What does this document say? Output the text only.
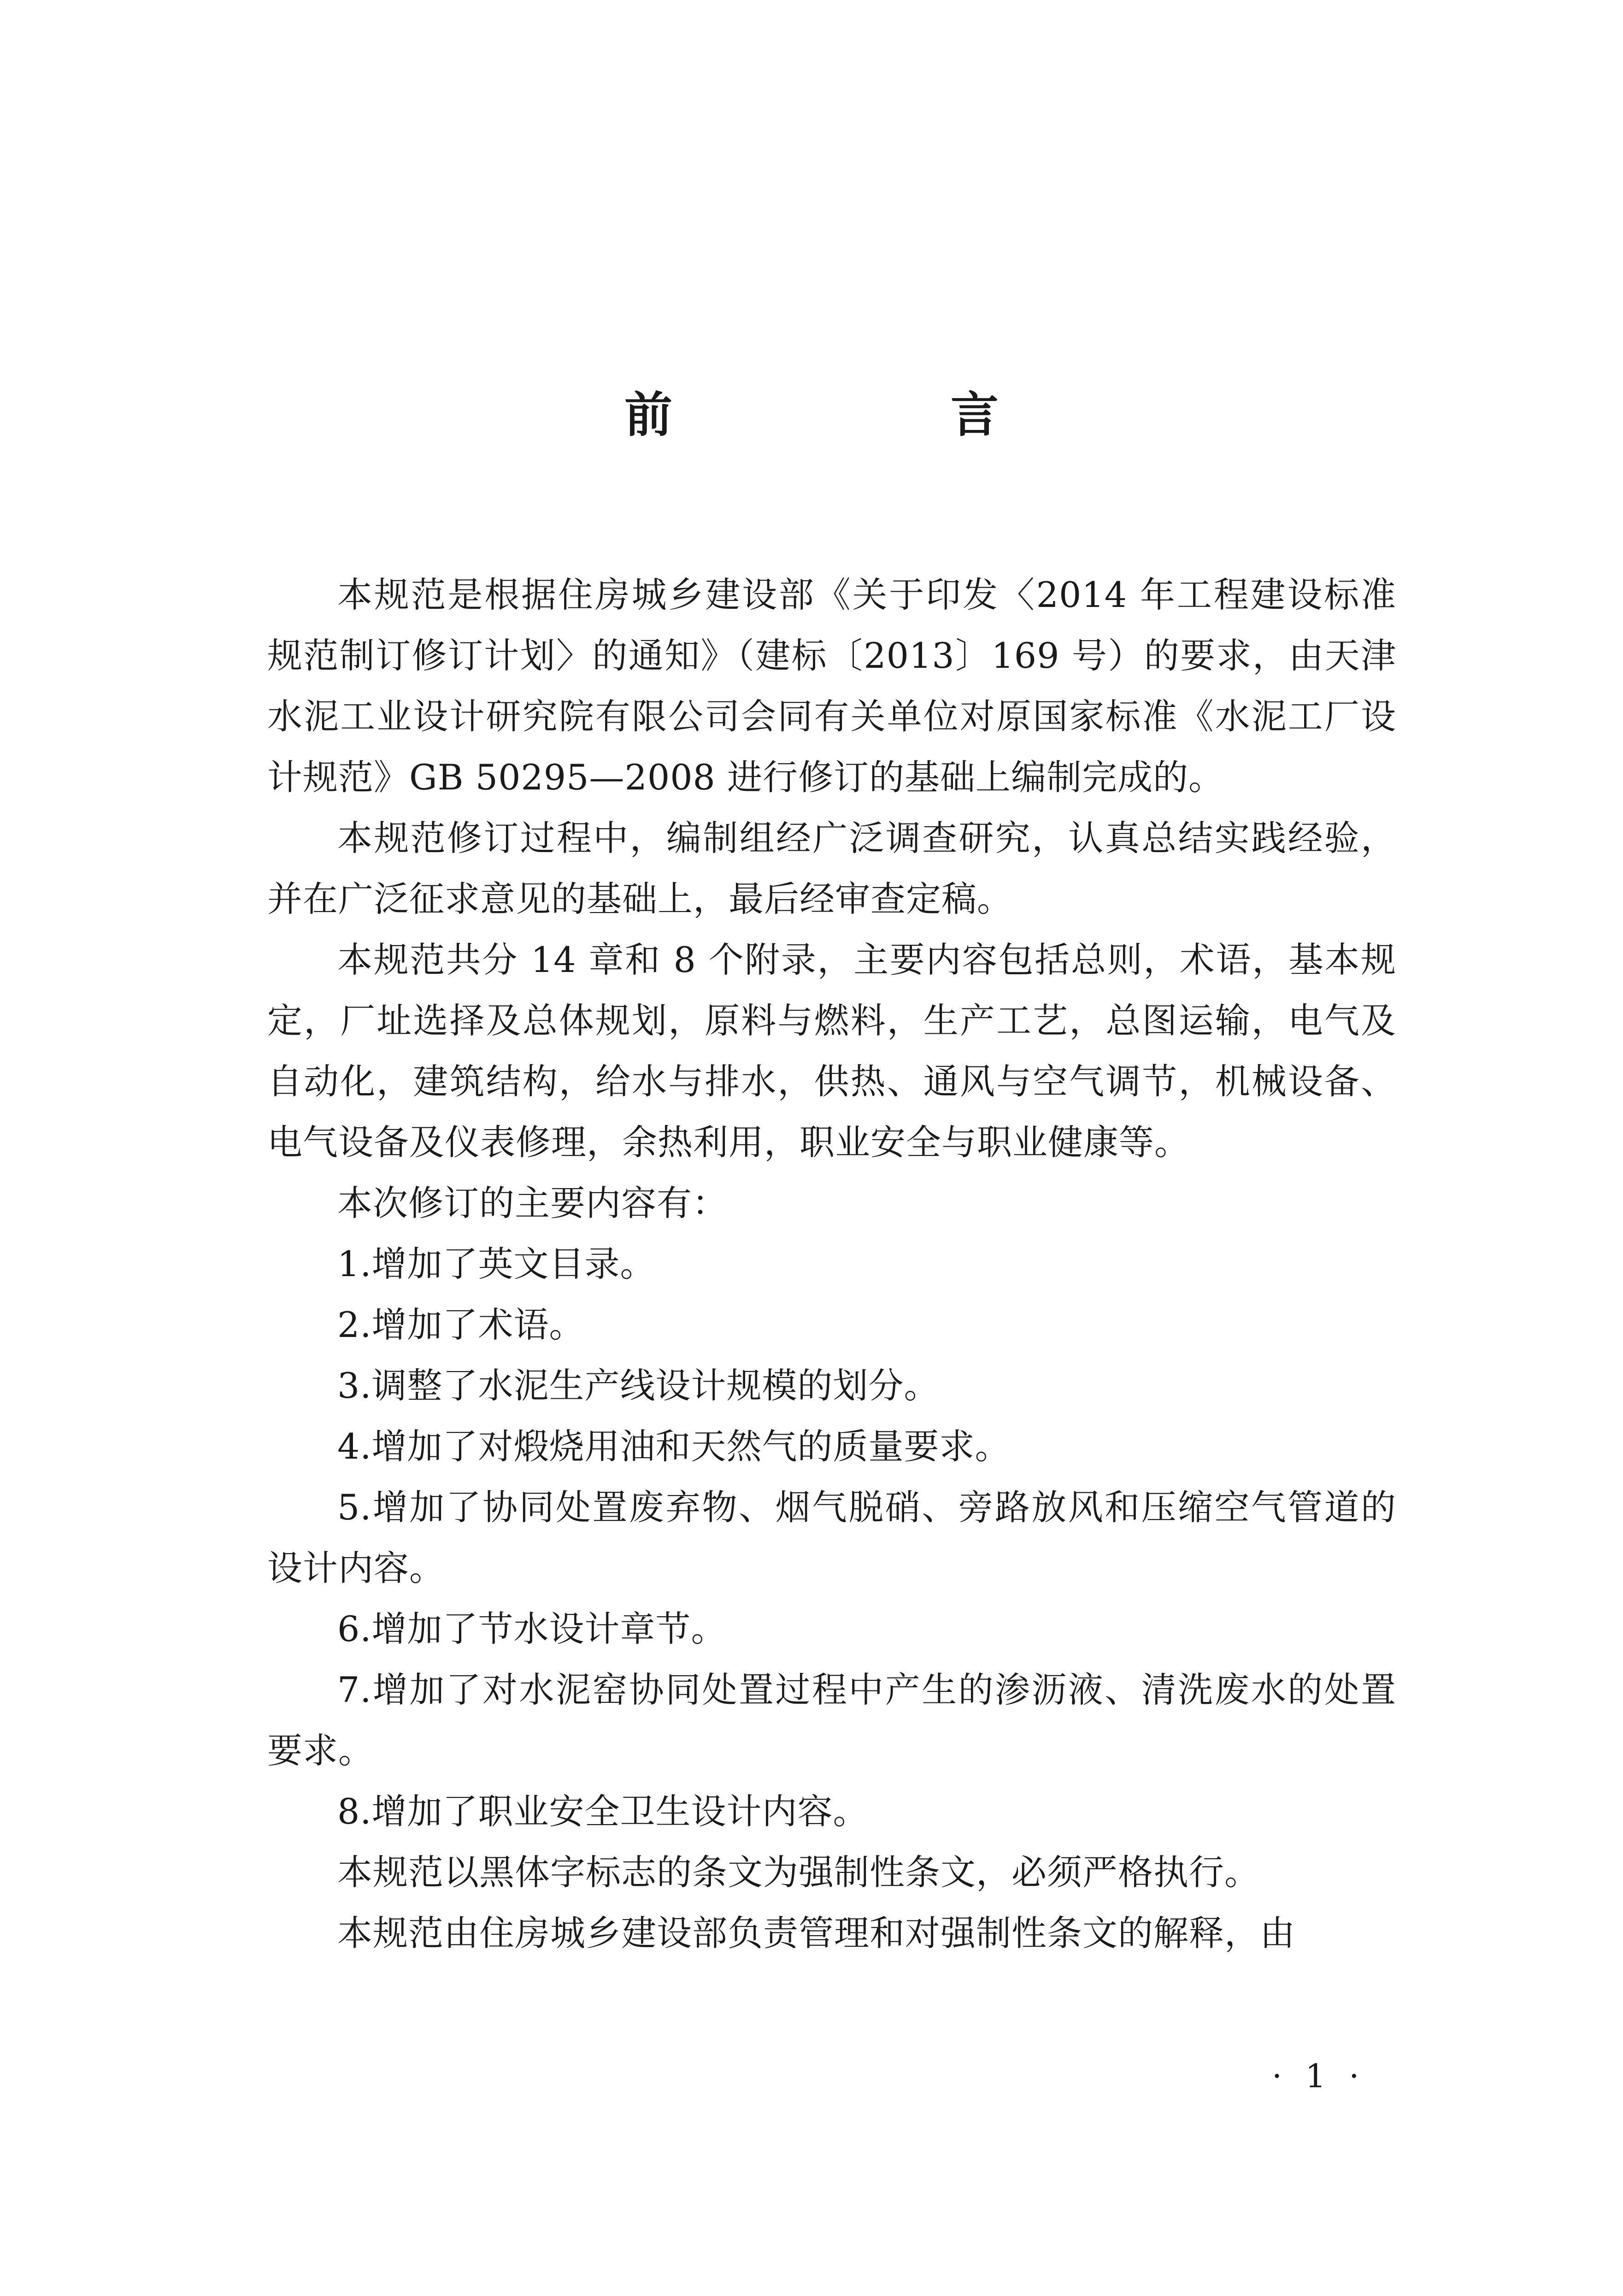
前　言

本规范是根据住房城乡建设部《关于印发〈2014 年工程建设标准规范制订修订计划〉的通知》（建标〔2013〕169 号）的要求，由天津水泥工业设计研究院有限公司会同有关单位对原国家标准《水泥工厂设计规范》GB 50295—2008 进行修订的基础上编制完成的。

本规范修订过程中，编制组经广泛调查研究，认真总结实践经验，并在广泛征求意见的基础上，最后经审查定稿。

本规范共分 14 章和 8 个附录，主要内容包括总则，术语，基本规定，厂址选择及总体规划，原料与燃料，生产工艺，总图运输，电气及自动化，建筑结构，给水与排水，供热、通风与空气调节，机械设备、电气设备及仪表修理，余热利用，职业安全与职业健康等。

本次修订的主要内容有：

1.增加了英文目录。

2.增加了术语。

3.调整了水泥生产线设计规模的划分。

4.增加了对煅烧用油和天然气的质量要求。

5.增加了协同处置废弃物、烟气脱硝、旁路放风和压缩空气管道的设计内容。

6.增加了节水设计章节。

7.增加了对水泥窑协同处置过程中产生的渗沥液、清洗废水的处置要求。

8.增加了职业安全卫生设计内容。

本规范以黑体字标志的条文为强制性条文，必须严格执行。

本规范由住房城乡建设部负责管理和对强制性条文的解释，由

· 1 ·
